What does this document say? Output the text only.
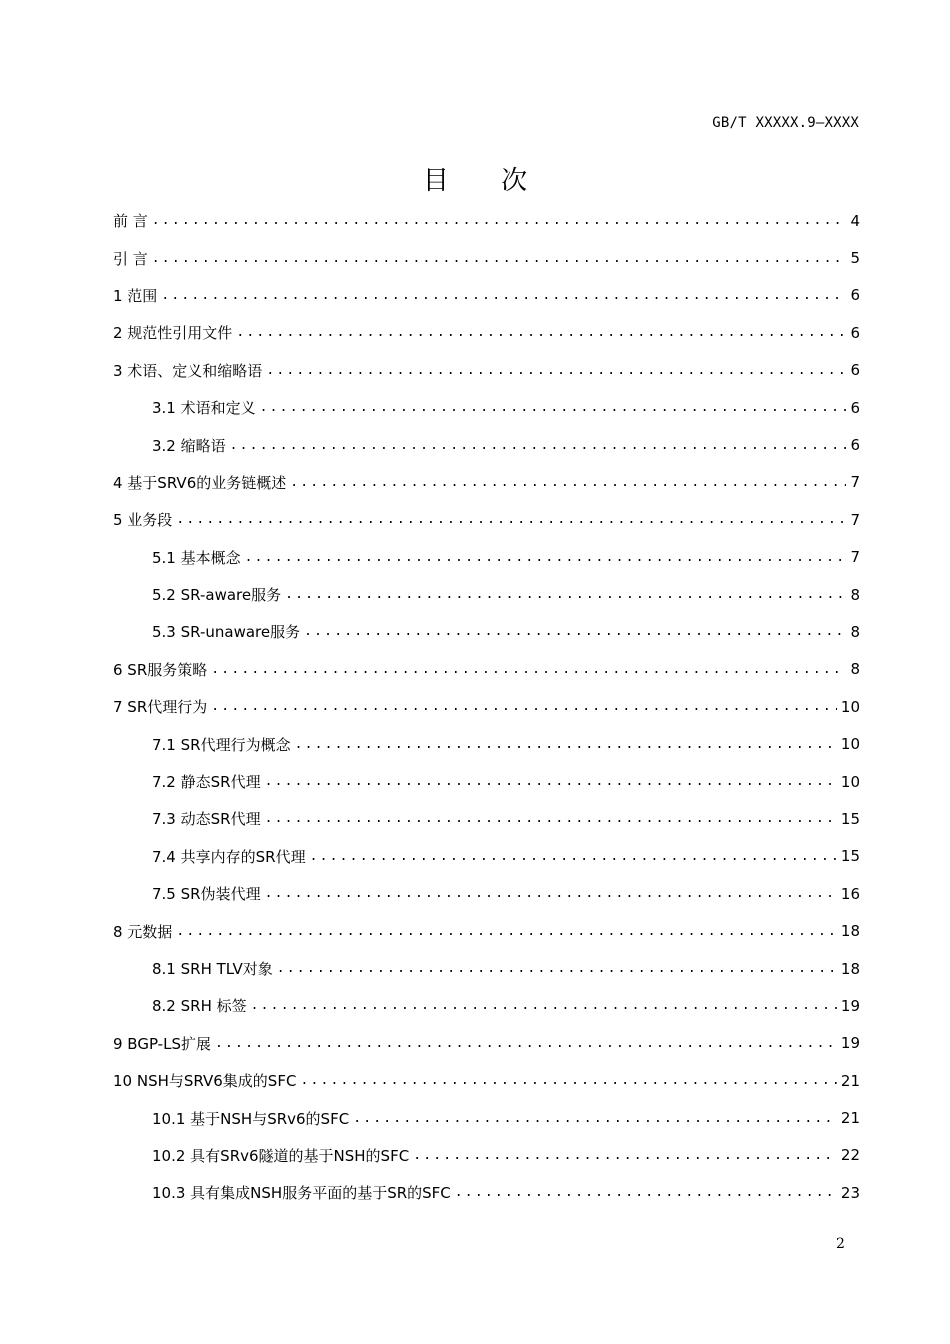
GB/T XXXXX.9—XXXX
目 次
前 言 .....	4
引 言 .....	5
1 范围 .....	6
2 规范性引用文件 .....	6
3 术语、定义和缩略语 .....	6
3.1 术语和定义 .....	6
3.2 缩略语 .....	6
4 基于SRV6的业务链概述 .....	7
5 业务段 .....	7
5.1 基本概念 .....	7
5.2 SR-aware服务 .....	8
5.3 SR-unaware服务 .....	8
6 SR服务策略 .....	8
7 SR代理行为 .....	10
7.1 SR代理行为概念 .....	10
7.2 静态SR代理 .....	10
7.3 动态SR代理 .....	15
7.4 共享内存的SR代理 .....	15
7.5 SR伪装代理 .....	16
8 元数据 .....	18
8.1 SRH TLV对象 .....	18
8.2 SRH 标签 .....	19
9 BGP-LS扩展 .....	19
10 NSH与SRV6集成的SFC .....	21
10.1 基于NSH与SRv6的SFC .....	21
10.2 具有SRv6隧道的基于NSH的SFC .....	22
10.3 具有集成NSH服务平面的基于SR的SFC .....	23
2
